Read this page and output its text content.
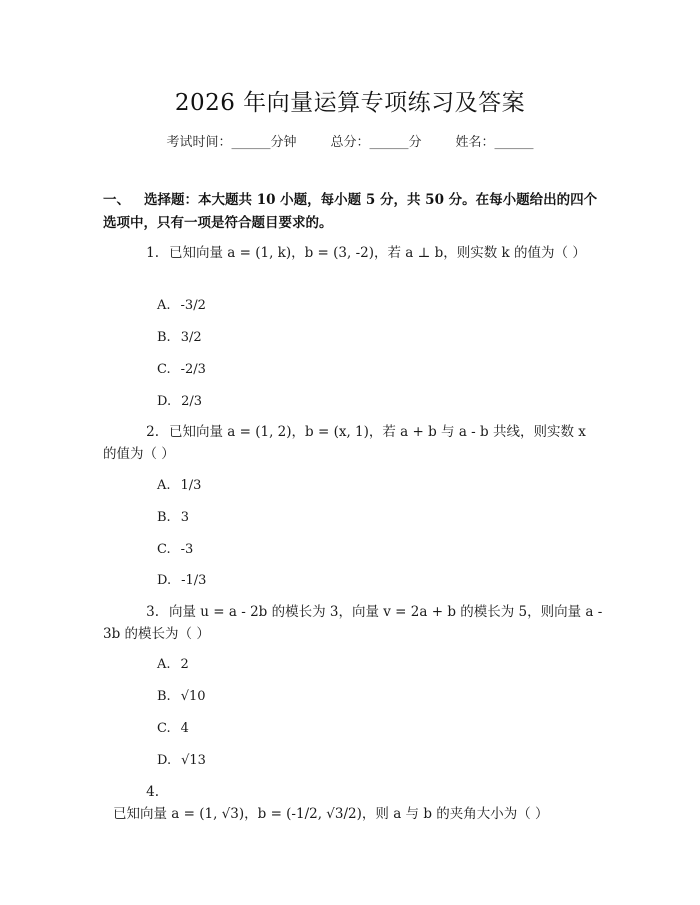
2026 年向量运算专项练习及答案
考试时间：______分钟	总分：______分	姓名：______
一、 选择题：本大题共 10 小题，每小题 5 分，共 50 分。在每小题给出的四个选项中，只有一项是符合题目要求的。
1. 已知向量 a = (1, k)，b = (3, -2)，若 a ⊥ b，则实数 k 的值为（ ）
A. -3/2
B. 3/2
C. -2/3
D. 2/3
2. 已知向量 a = (1, 2)，b = (x, 1)，若 a + b 与 a - b 共线，则实数 x 的值为（ ）
A. 1/3
B. 3
C. -3
D. -1/3
3. 向量 u = a - 2b 的模长为 3，向量 v = 2a + b 的模长为 5，则向量 a - 3b 的模长为（ ）
A. 2
B. √10
C. 4
D. √13
4.已知向量 a = (1, √3)，b = (-1/2, √3/2)，则 a 与 b 的夹角大小为（ ）
